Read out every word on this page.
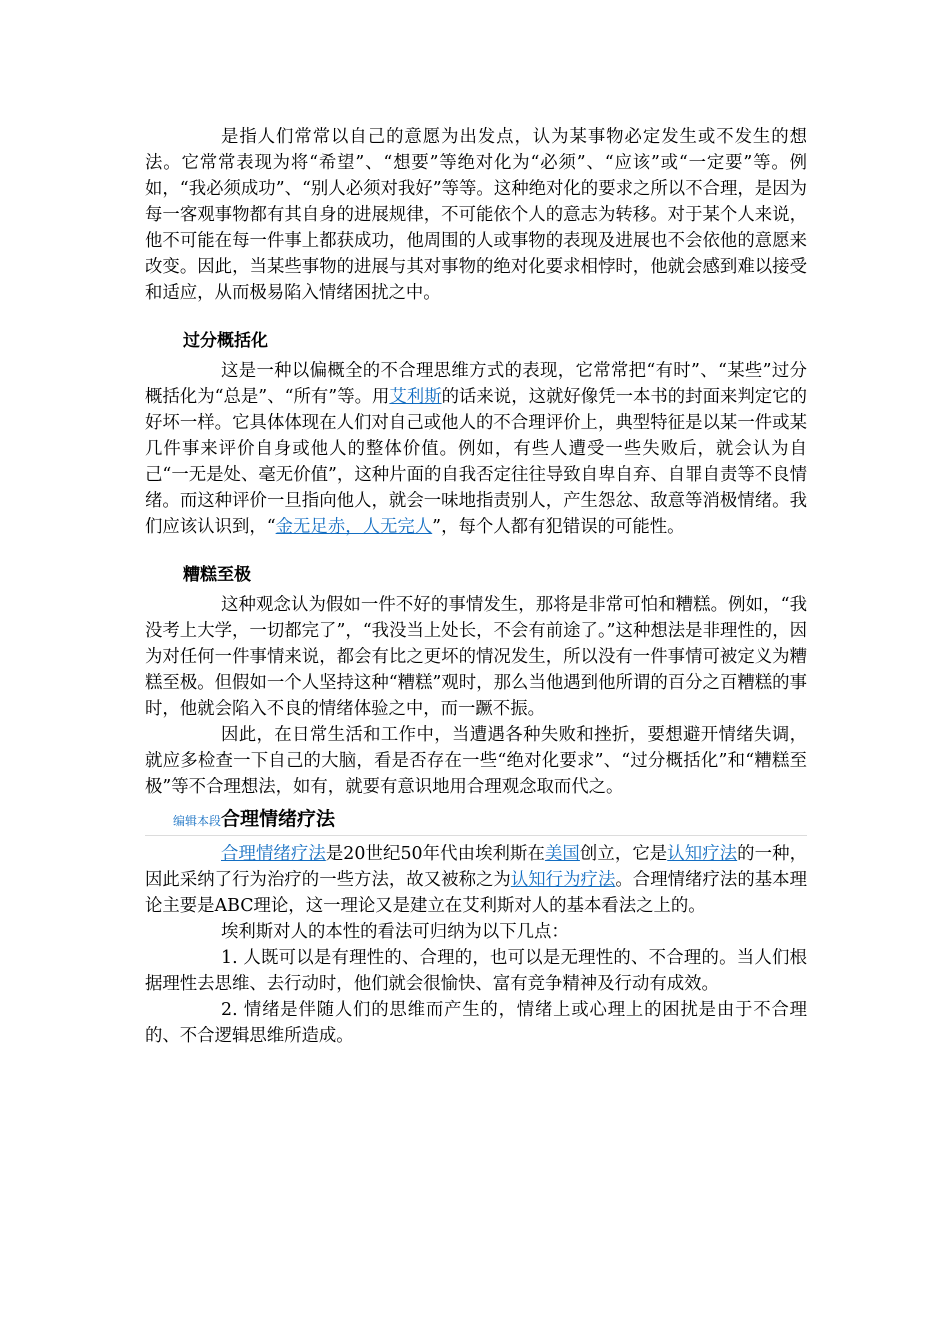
是指人们常常以自己的意愿为出发点，认为某事物必定发生或不发生的想法。它常常表现为将“希望”、“想要”等绝对化为“必须”、“应该”或“一定要”等。例如，“我必须成功”、“别人必须对我好”等等。这种绝对化的要求之所以不合理，是因为每一客观事物都有其自身的进展规律，不可能依个人的意志为转移。对于某个人来说，他不可能在每一件事上都获成功，他周围的人或事物的表现及进展也不会依他的意愿来改变。因此，当某些事物的进展与其对事物的绝对化要求相悖时，他就会感到难以接受和适应，从而极易陷入情绪困扰之中。

过分概括化

这是一种以偏概全的不合理思维方式的表现，它常常把“有时”、“某些”过分概括化为“总是”、“所有”等。用艾利斯的话来说，这就好像凭一本书的封面来判定它的好坏一样。它具体体现在人们对自己或他人的不合理评价上，典型特征是以某一件或某几件事来评价自身或他人的整体价值。例如，有些人遭受一些失败后，就会认为自己“一无是处、毫无价值”，这种片面的自我否定往往导致自卑自弃、自罪自责等不良情绪。而这种评价一旦指向他人，就会一味地指责别人，产生怨忿、敌意等消极情绪。我们应该认识到，“金无足赤，人无完人”，每个人都有犯错误的可能性。

糟糕至极

这种观念认为假如一件不好的事情发生，那将是非常可怕和糟糕。例如，“我没考上大学，一切都完了”，“我没当上处长，不会有前途了。”这种想法是非理性的，因为对任何一件事情来说，都会有比之更坏的情况发生，所以没有一件事情可被定义为糟糕至极。但假如一个人坚持这种“糟糕”观时，那么当他遇到他所谓的百分之百糟糕的事时，他就会陷入不良的情绪体验之中，而一蹶不振。

因此，在日常生活和工作中，当遭遇各种失败和挫折，要想避开情绪失调，就应多检查一下自己的大脑，看是否存在一些“绝对化要求”、“过分概括化”和“糟糕至极”等不合理想法，如有，就要有意识地用合理观念取而代之。

编辑本段 合理情绪疗法

合理情绪疗法是20世纪50年代由埃利斯在美国创立，它是认知疗法的一种，因此采纳了行为治疗的一些方法，故又被称之为认知行为疗法。合理情绪疗法的基本理论主要是ABC理论，这一理论又是建立在艾利斯对人的基本看法之上的。

埃利斯对人的本性的看法可归纳为以下几点：

1. 人既可以是有理性的、合理的，也可以是无理性的、不合理的。当人们根据理性去思维、去行动时，他们就会很愉快、富有竞争精神及行动有成效。

2. 情绪是伴随人们的思维而产生的，情绪上或心理上的困扰是由于不合理的、不合逻辑思维所造成。
